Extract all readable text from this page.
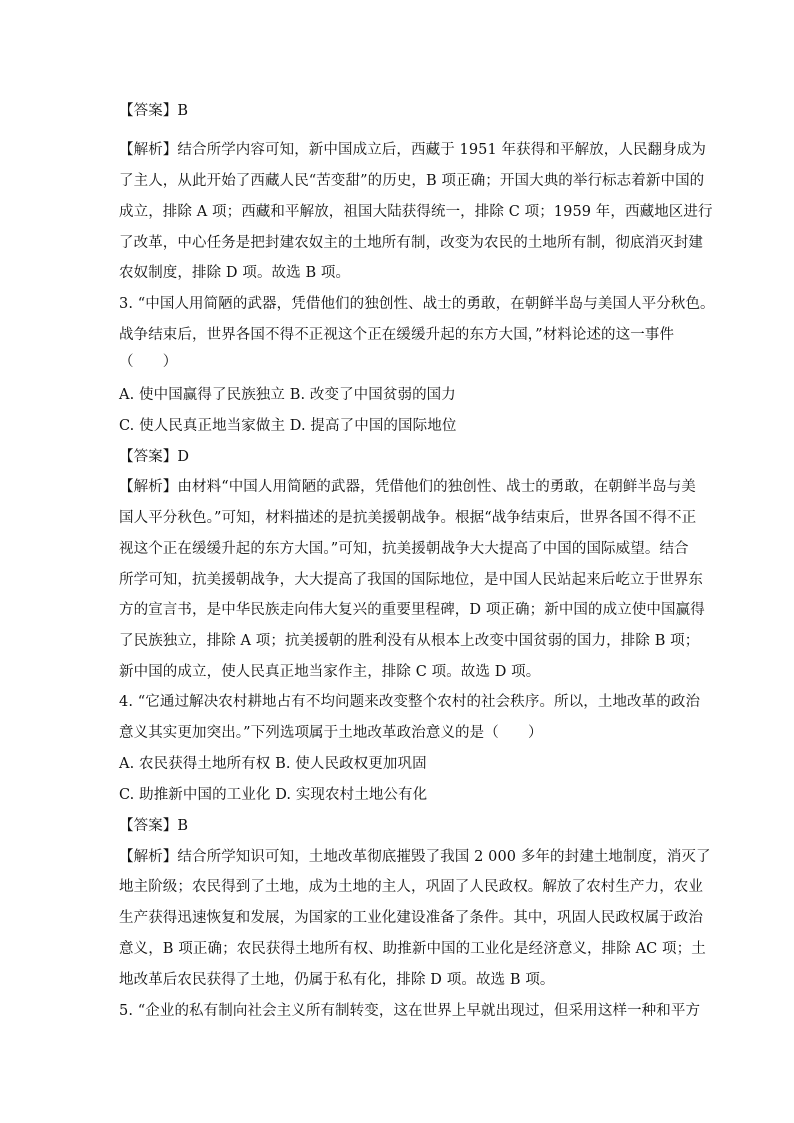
【答案】B
【解析】结合所学内容可知，新中国成立后，西藏于 1951 年获得和平解放，人民翻身成为
了主人，从此开始了西藏人民“苦变甜”的历史，B 项正确；开国大典的举行标志着新中国的
成立，排除 A 项；西藏和平解放，祖国大陆获得统一，排除 C 项；1959 年，西藏地区进行
了改革，中心任务是把封建农奴主的土地所有制，改变为农民的土地所有制，彻底消灭封建
农奴制度，排除 D 项。故选 B 项。
3. “中国人用简陋的武器，凭借他们的独创性、战士的勇敢，在朝鲜半岛与美国人平分秋色。
战争结束后，世界各国不得不正视这个正在缓缓升起的东方大国，”材料论述的这一事件
（　　）
A. 使中国赢得了民族独立 B. 改变了中国贫弱的国力
C. 使人民真正地当家做主 D. 提高了中国的国际地位
【答案】D
【解析】由材料“中国人用简陋的武器，凭借他们的独创性、战士的勇敢，在朝鲜半岛与美
国人平分秋色。”可知，材料描述的是抗美援朝战争。根据“战争结束后，世界各国不得不正
视这个正在缓缓升起的东方大国。”可知，抗美援朝战争大大提高了中国的国际威望。结合
所学可知，抗美援朝战争，大大提高了我国的国际地位，是中国人民站起来后屹立于世界东
方的宣言书，是中华民族走向伟大复兴的重要里程碑，D 项正确；新中国的成立使中国赢得
了民族独立，排除 A 项；抗美援朝的胜利没有从根本上改变中国贫弱的国力，排除 B 项；
新中国的成立，使人民真正地当家作主，排除 C 项。故选 D 项。
4. “它通过解决农村耕地占有不均问题来改变整个农村的社会秩序。所以，土地改革的政治
意义其实更加突出。”下列选项属于土地改革政治意义的是（　　）
A. 农民获得土地所有权 B. 使人民政权更加巩固
C. 助推新中国的工业化 D. 实现农村土地公有化
【答案】B
【解析】结合所学知识可知，土地改革彻底摧毁了我国 2 000 多年的封建土地制度，消灭了
地主阶级；农民得到了土地，成为土地的主人，巩固了人民政权。解放了农村生产力，农业
生产获得迅速恢复和发展，为国家的工业化建设准备了条件。其中，巩固人民政权属于政治
意义，B 项正确；农民获得土地所有权、助推新中国的工业化是经济意义，排除 AC 项；土
地改革后农民获得了土地，仍属于私有化，排除 D 项。故选 B 项。
5. “企业的私有制向社会主义所有制转变，这在世界上早就出现过，但采用这样一种和平方
